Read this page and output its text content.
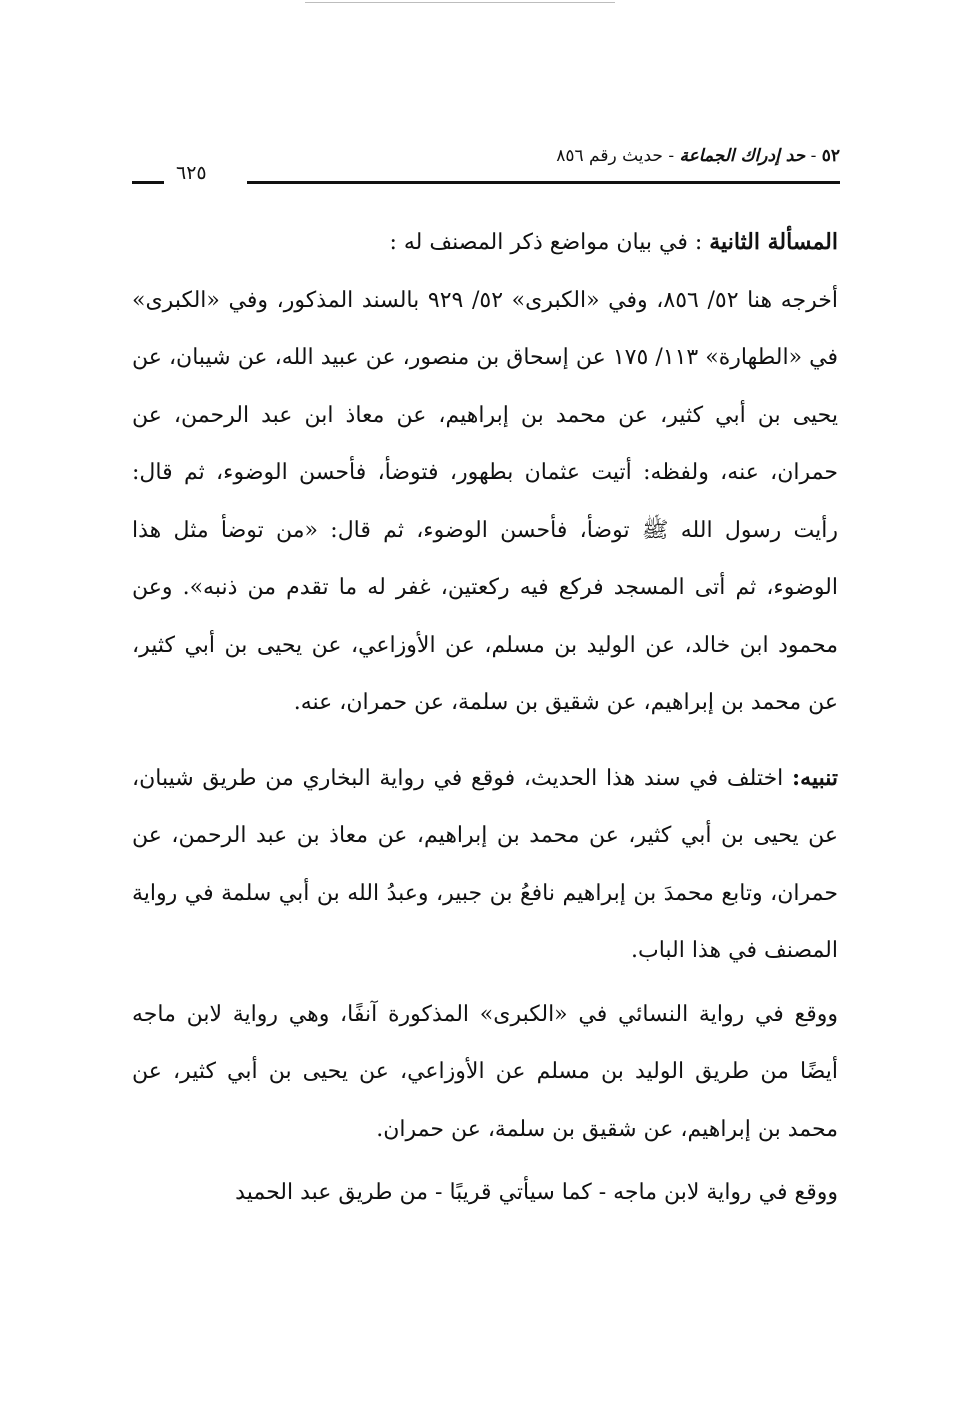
٥٢ - حد إدراك الجماعة - حديث رقم ٨٥٦
٦٢٥

المسألة الثانية : في بيان مواضع ذكر المصنف له :

أخرجه هنا ٥٢/ ٨٥٦، وفي «الكبرى» ٥٢/ ٩٢٩ بالسند المذكور، وفي «الكبرى» في «الطهارة» ١١٣/ ١٧٥ عن إسحاق بن منصور، عن عبيد الله، عن شيبان، عن يحيى بن أبي كثير، عن محمد بن إبراهيم، عن معاذ ابن عبد الرحمن، عن حمران، عنه، ولفظه: أتيت عثمان بطهور، فتوضأ، فأحسن الوضوء، ثم قال: رأيت رسول الله ﷺ توضأ، فأحسن الوضوء، ثم قال: «من توضأ مثل هذا الوضوء، ثم أتى المسجد فركع فيه ركعتين، غفر له ما تقدم من ذنبه». وعن محمود ابن خالد، عن الوليد بن مسلم، عن الأوزاعي، عن يحيى بن أبي كثير، عن محمد بن إبراهيم، عن شقيق بن سلمة، عن حمران، عنه.

تنبيه: اختلف في سند هذا الحديث، فوقع في رواية البخاري من طريق شيبان، عن يحيى بن أبي كثير، عن محمد بن إبراهيم، عن معاذ بن عبد الرحمن، عن حمران، وتابع محمدَ بن إبراهيم نافعُ بن جبير، وعبدُ الله بن أبي سلمة في رواية المصنف في هذا الباب.

ووقع في رواية النسائي في «الكبرى» المذكورة آنفًا، وهي رواية لابن ماجه أيضًا من طريق الوليد بن مسلم عن الأوزاعي، عن يحيى بن أبي كثير، عن محمد بن إبراهيم، عن شقيق بن سلمة، عن حمران.

ووقع في رواية لابن ماجه - كما سيأتي قريبًا - من طريق عبد الحميد
